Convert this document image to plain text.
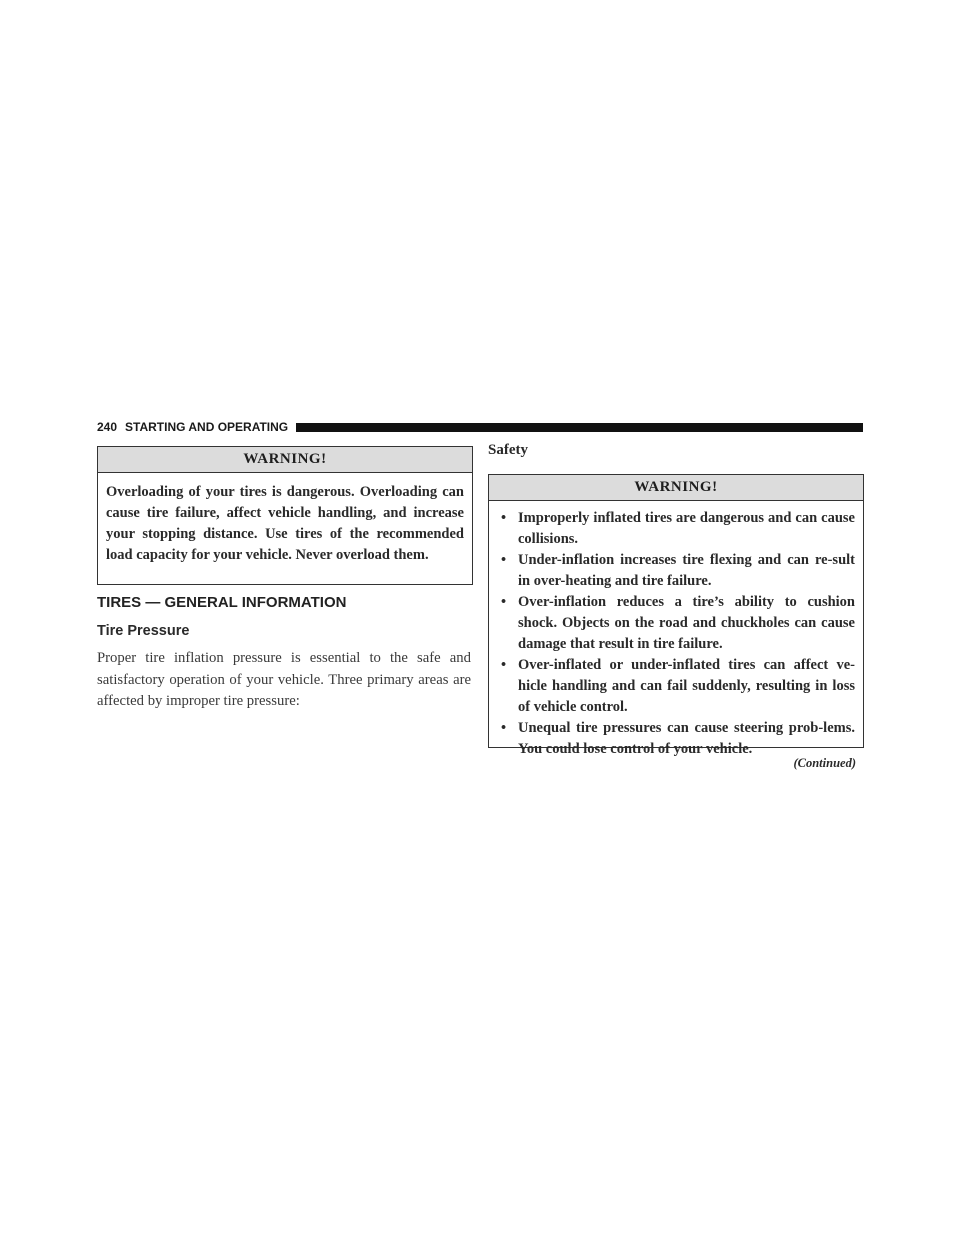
240 STARTING AND OPERATING
WARNING!
Overloading of your tires is dangerous. Overloading can cause tire failure, affect vehicle handling, and increase your stopping distance. Use tires of the recommended load capacity for your vehicle. Never overload them.
TIRES — GENERAL INFORMATION
Tire Pressure
Proper tire inflation pressure is essential to the safe and satisfactory operation of your vehicle. Three primary areas are affected by improper tire pressure:
Safety
WARNING!
• Improperly inflated tires are dangerous and can cause collisions.
• Under-inflation increases tire flexing and can re-sult in over-heating and tire failure.
• Over-inflation reduces a tire’s ability to cushion shock. Objects on the road and chuckholes can cause damage that result in tire failure.
• Over-inflated or under-inflated tires can affect ve-hicle handling and can fail suddenly, resulting in loss of vehicle control.
• Unequal tire pressures can cause steering prob-lems. You could lose control of your vehicle.
(Continued)
